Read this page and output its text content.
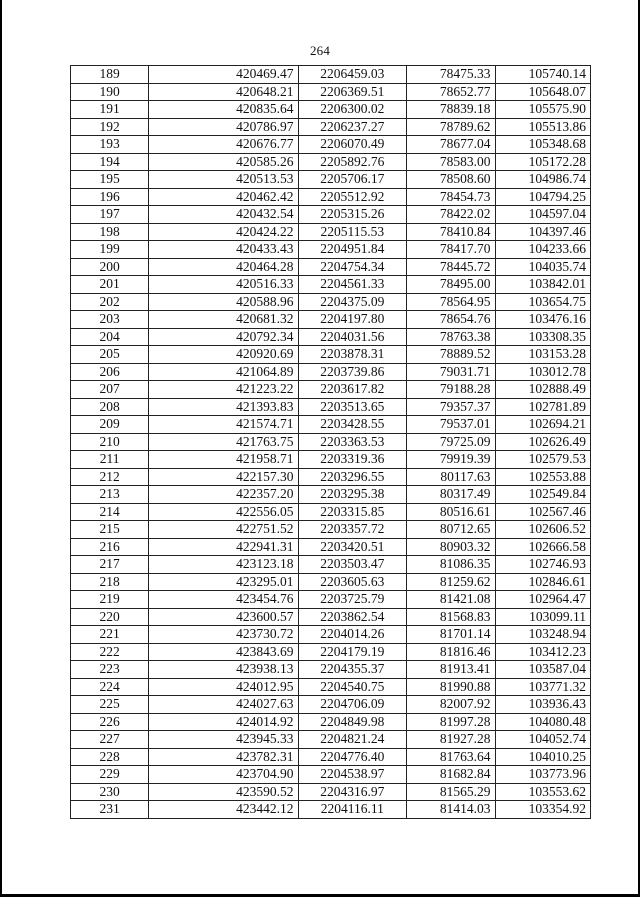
264
189	420469.47	2206459.03	78475.33	105740.14
190	420648.21	2206369.51	78652.77	105648.07
191	420835.64	2206300.02	78839.18	105575.90
192	420786.97	2206237.27	78789.62	105513.86
193	420676.77	2206070.49	78677.04	105348.68
194	420585.26	2205892.76	78583.00	105172.28
195	420513.53	2205706.17	78508.60	104986.74
196	420462.42	2205512.92	78454.73	104794.25
197	420432.54	2205315.26	78422.02	104597.04
198	420424.22	2205115.53	78410.84	104397.46
199	420433.43	2204951.84	78417.70	104233.66
200	420464.28	2204754.34	78445.72	104035.74
201	420516.33	2204561.33	78495.00	103842.01
202	420588.96	2204375.09	78564.95	103654.75
203	420681.32	2204197.80	78654.76	103476.16
204	420792.34	2204031.56	78763.38	103308.35
205	420920.69	2203878.31	78889.52	103153.28
206	421064.89	2203739.86	79031.71	103012.78
207	421223.22	2203617.82	79188.28	102888.49
208	421393.83	2203513.65	79357.37	102781.89
209	421574.71	2203428.55	79537.01	102694.21
210	421763.75	2203363.53	79725.09	102626.49
211	421958.71	2203319.36	79919.39	102579.53
212	422157.30	2203296.55	80117.63	102553.88
213	422357.20	2203295.38	80317.49	102549.84
214	422556.05	2203315.85	80516.61	102567.46
215	422751.52	2203357.72	80712.65	102606.52
216	422941.31	2203420.51	80903.32	102666.58
217	423123.18	2203503.47	81086.35	102746.93
218	423295.01	2203605.63	81259.62	102846.61
219	423454.76	2203725.79	81421.08	102964.47
220	423600.57	2203862.54	81568.83	103099.11
221	423730.72	2204014.26	81701.14	103248.94
222	423843.69	2204179.19	81816.46	103412.23
223	423938.13	2204355.37	81913.41	103587.04
224	424012.95	2204540.75	81990.88	103771.32
225	424027.63	2204706.09	82007.92	103936.43
226	424014.92	2204849.98	81997.28	104080.48
227	423945.33	2204821.24	81927.28	104052.74
228	423782.31	2204776.40	81763.64	104010.25
229	423704.90	2204538.97	81682.84	103773.96
230	423590.52	2204316.97	81565.29	103553.62
231	423442.12	2204116.11	81414.03	103354.92
